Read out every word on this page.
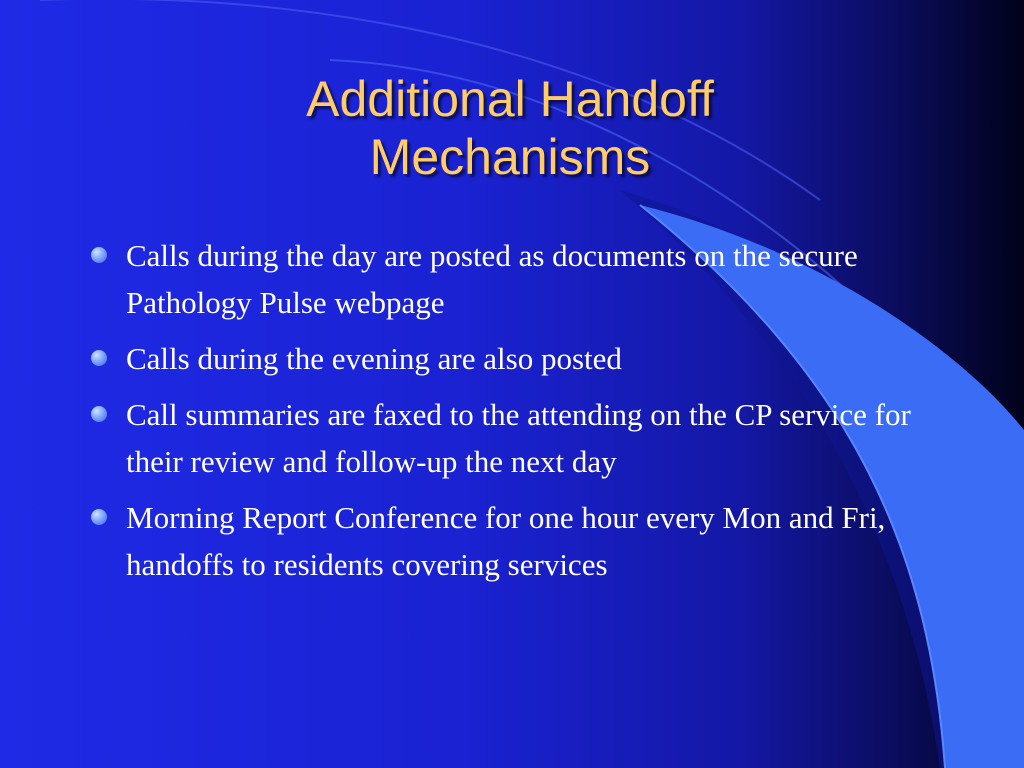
Additional Handoff
Mechanisms
Calls during the day are posted as documents on the secure Pathology Pulse webpage
Calls during the evening are also posted
Call summaries are faxed to the attending on the CP service for their review and follow-up the next day
Morning Report Conference for one hour every Mon and Fri, handoffs to residents covering services
